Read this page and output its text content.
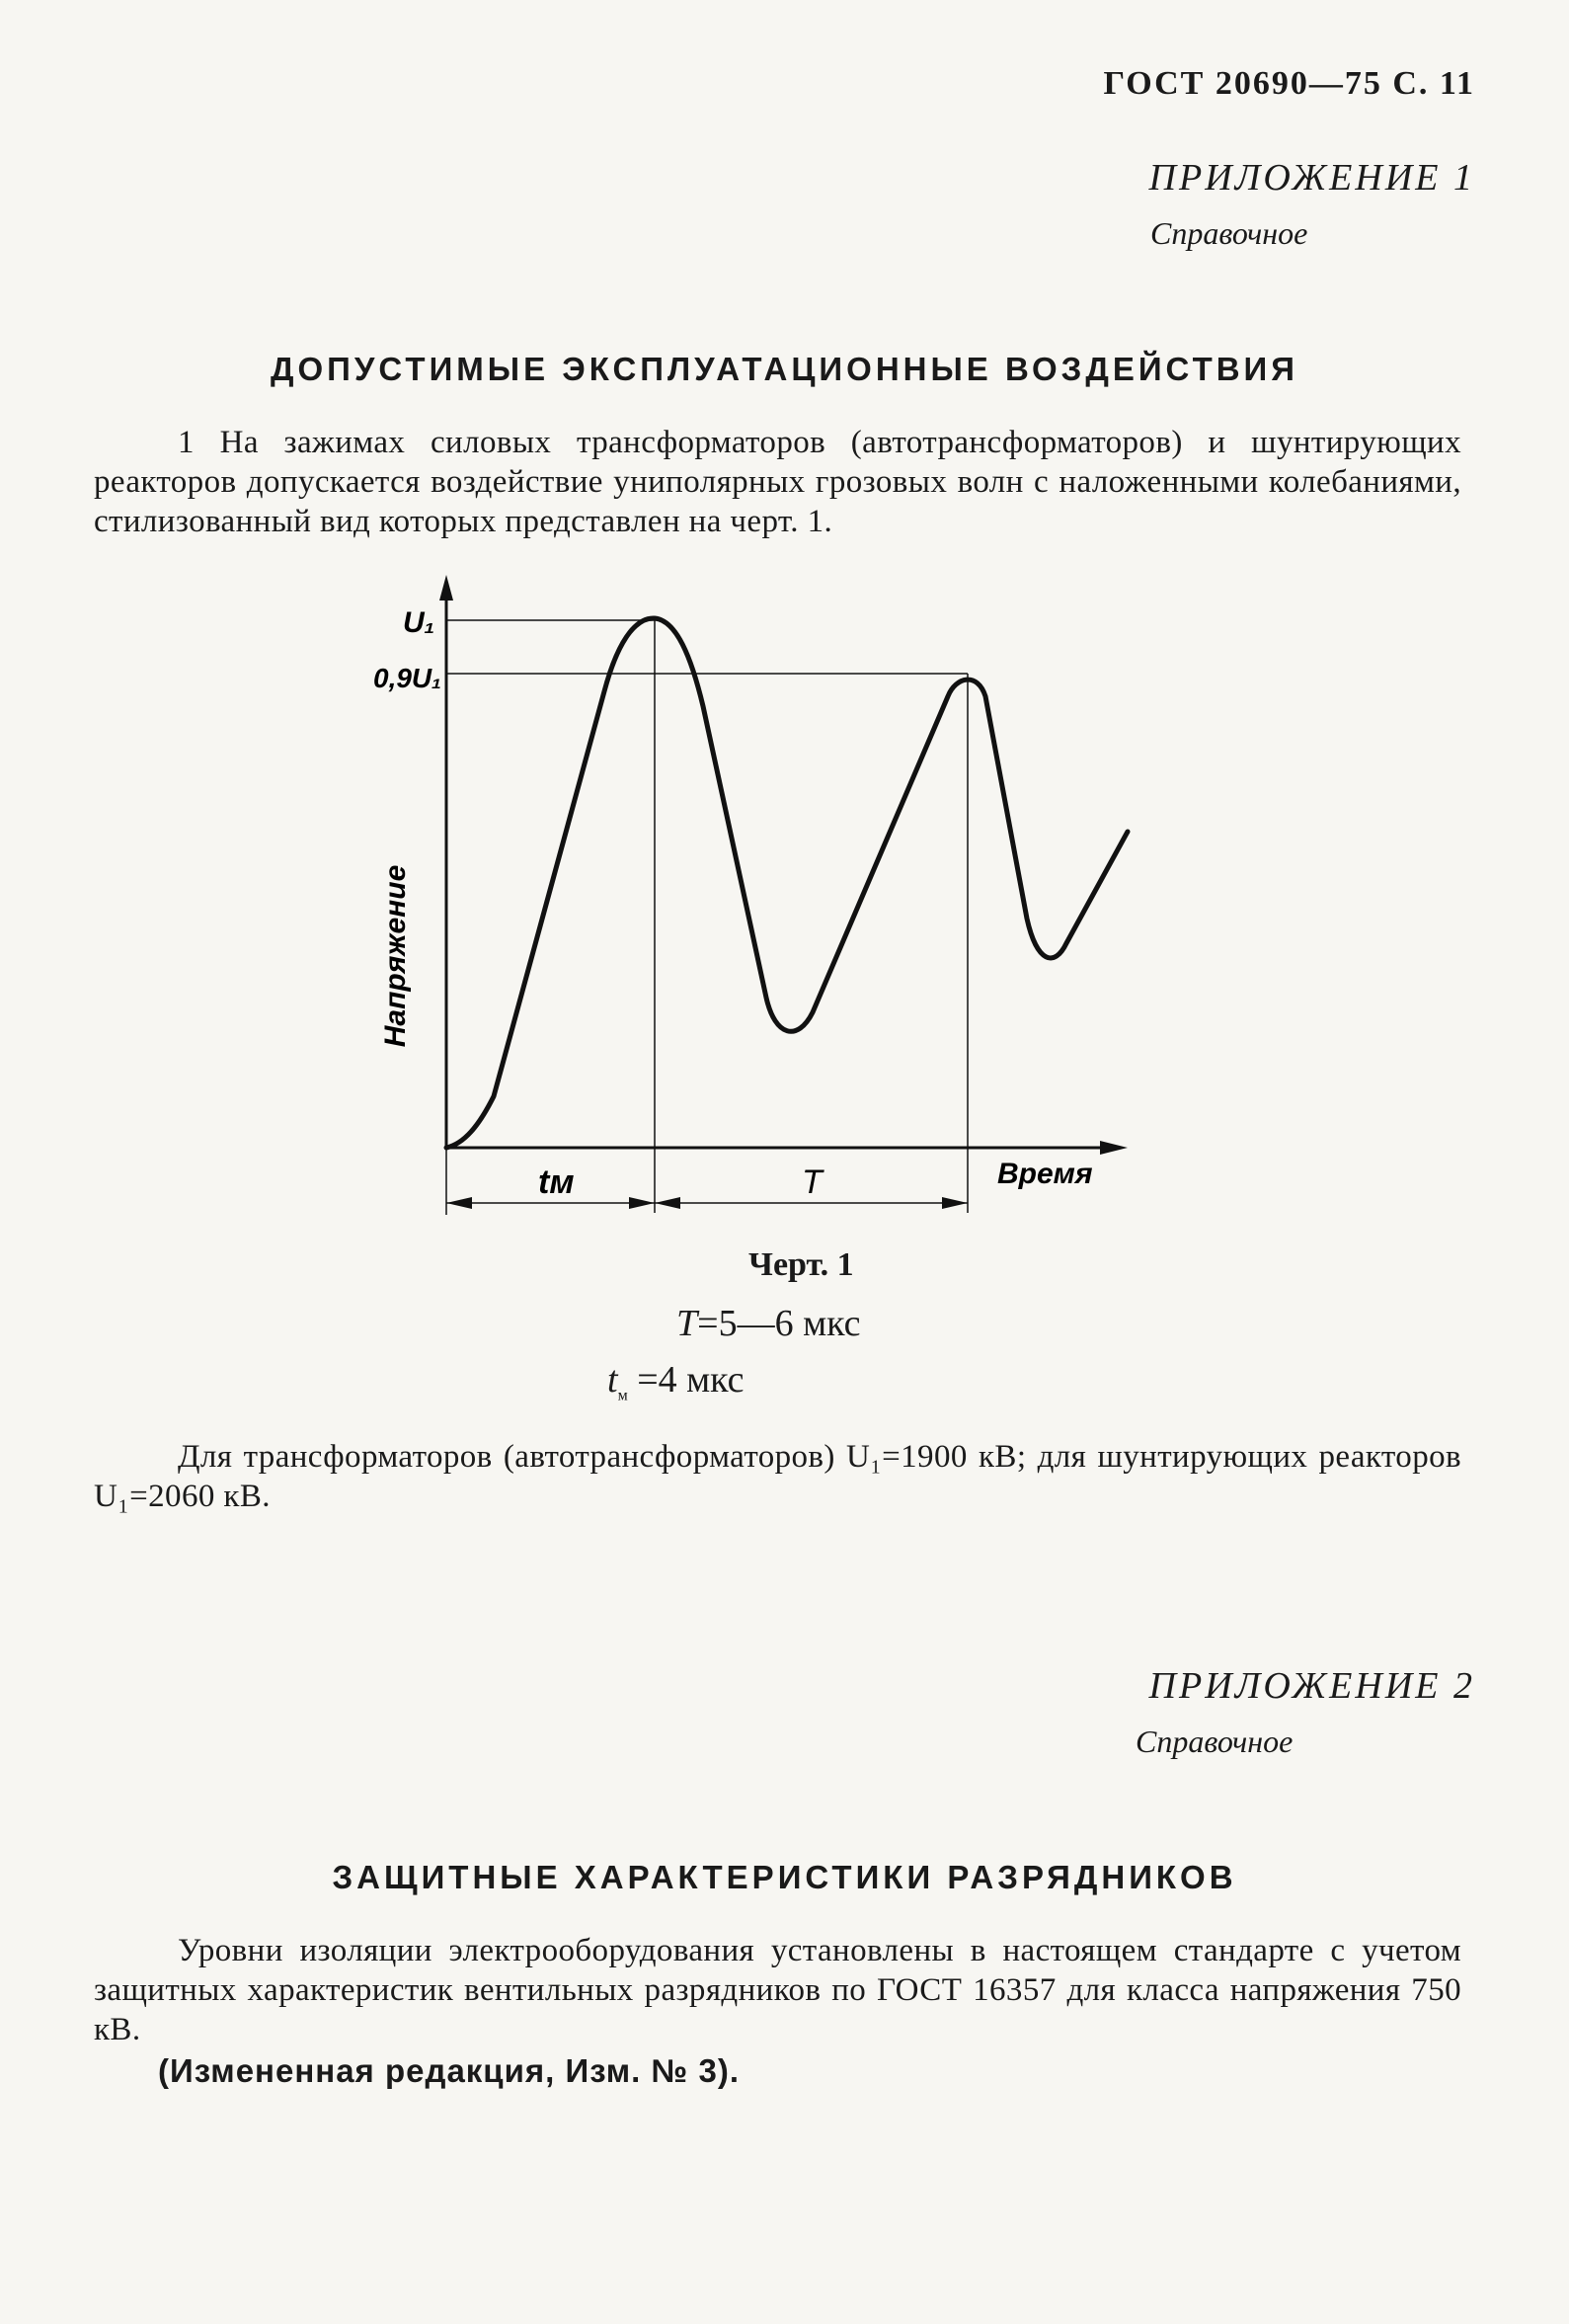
ГОСТ 20690—75 С. 11
ПРИЛОЖЕНИЕ 1
Справочное
ДОПУСТИМЫЕ ЭКСПЛУАТАЦИОННЫЕ ВОЗДЕЙСТВИЯ
1 На зажимах силовых трансформаторов (автотрансформаторов) и шунтирующих реакторов допускается воздействие униполярных грозовых волн с наложенными колебаниями, стилизованный вид которых представлен на черт. 1.
U₁
0,9U₁
Напряжение
Время
tм	T
Черт. 1
T=5—6 мкс
$t_м =4$ мкс
Для трансформаторов (автотрансформаторов) U₁=1900 кВ; для шунтирующих реакторов U₁=2060 кВ.
ПРИЛОЖЕНИЕ 2
Справочное
ЗАЩИТНЫЕ ХАРАКТЕРИСТИКИ РАЗРЯДНИКОВ
Уровни изоляции электрооборудования установлены в настоящем стандарте с учетом защитных характеристик вентильных разрядников по ГОСТ 16357 для класса напряжения 750 кВ.
(Измененная редакция, Изм. № 3).
